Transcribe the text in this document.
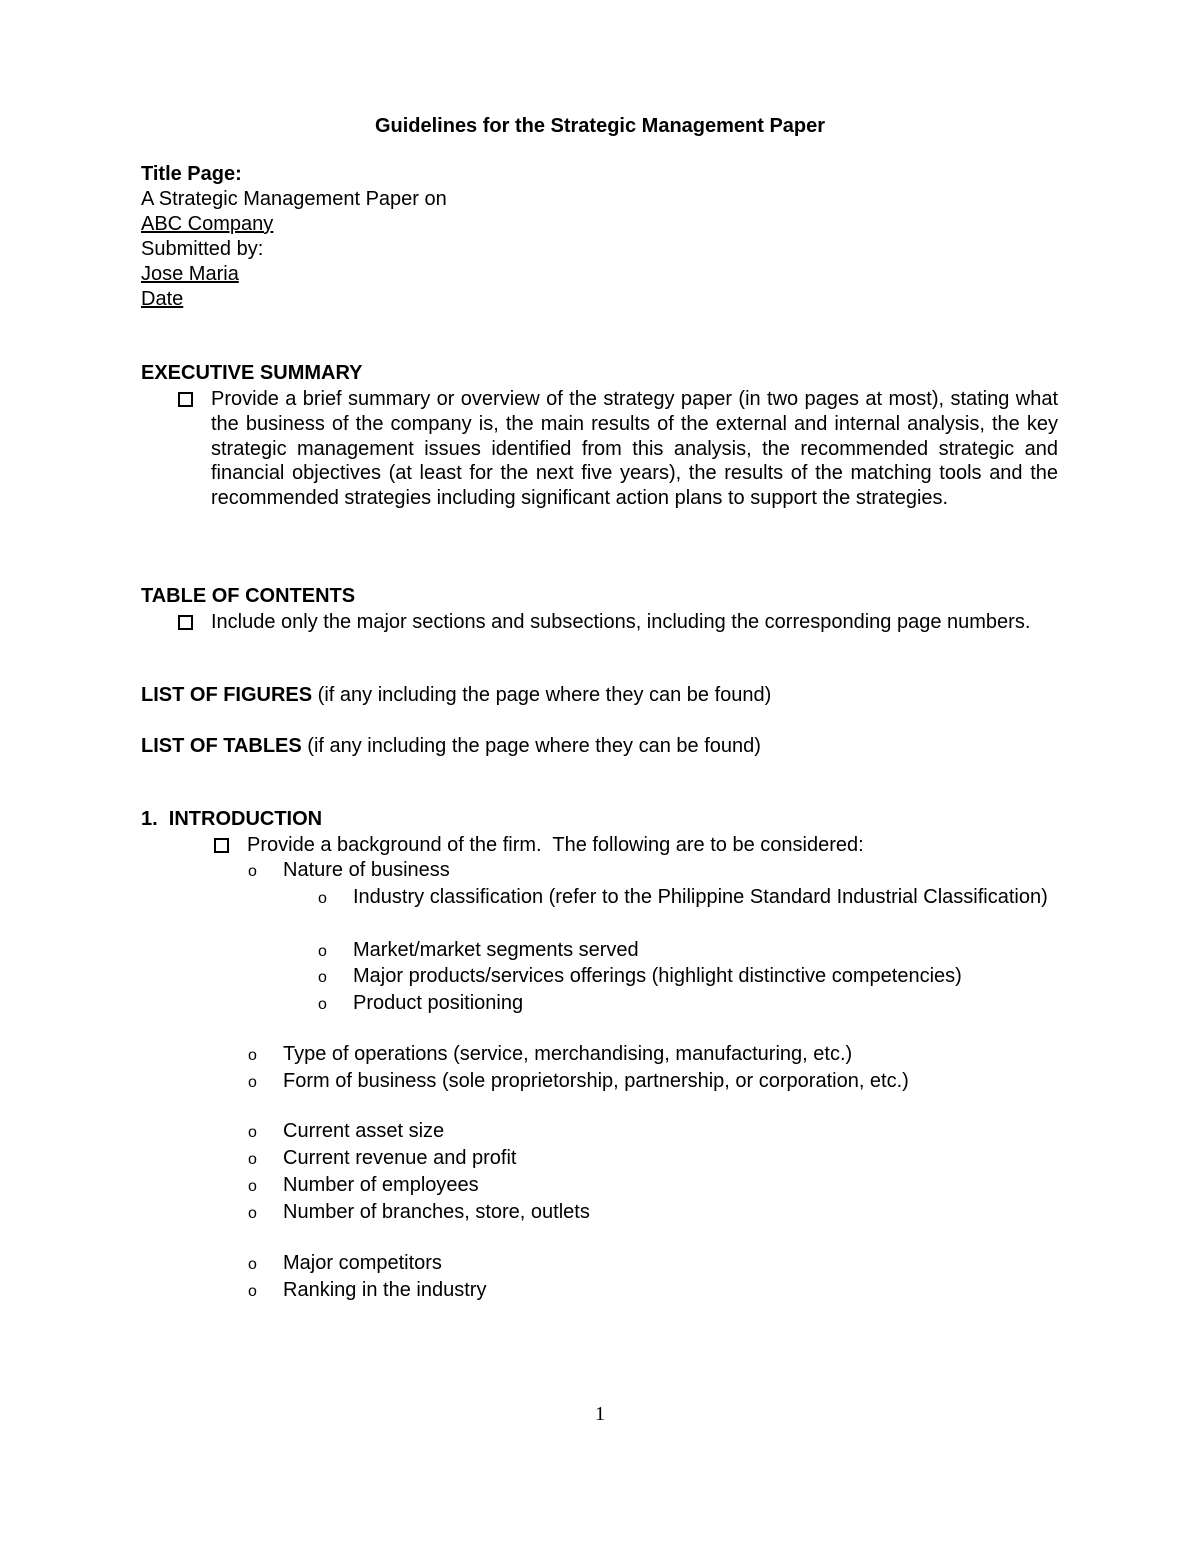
Guidelines for the Strategic Management Paper
Title Page:
A Strategic Management Paper on
ABC Company
Submitted by:
Jose Maria
Date
EXECUTIVE SUMMARY
Provide a brief summary or overview of the strategy paper (in two pages at most), stating what the business of the company is, the main results of the external and internal analysis, the key strategic management issues identified from this analysis, the recommended strategic and financial objectives (at least for the next five years), the results of the matching tools and the recommended strategies including significant action plans to support the strategies.
TABLE OF CONTENTS
Include only the major sections and subsections, including the corresponding page numbers.
LIST OF FIGURES (if any including the page where they can be found)
LIST OF TABLES (if any including the page where they can be found)
1.  INTRODUCTION
Provide a background of the firm.  The following are to be considered:
o Nature of business
o Industry classification (refer to the Philippine Standard Industrial Classification)
o Market/market segments served
o Major products/services offerings (highlight distinctive competencies)
o Product positioning
o Type of operations (service, merchandising, manufacturing, etc.)
o Form of business (sole proprietorship, partnership, or corporation, etc.)
o Current asset size
o Current revenue and profit
o Number of employees
o Number of branches, store, outlets
o Major competitors
o Ranking in the industry
1
